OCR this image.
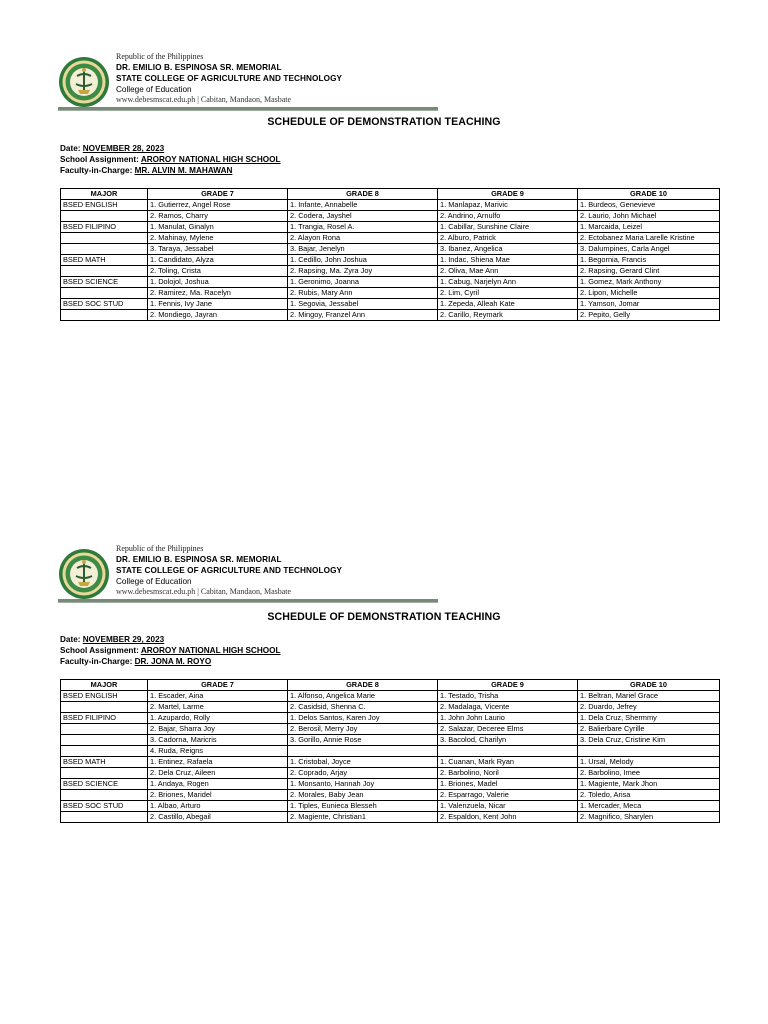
Republic of the Philippines
DR. EMILIO B. ESPINOSA SR. MEMORIAL
STATE COLLEGE OF AGRICULTURE AND TECHNOLOGY
College of Education
www.debesmscat.edu.ph | Cabitan, Mandaon, Masbate
SCHEDULE OF DEMONSTRATION TEACHING
Date: NOVEMBER 28, 2023
School Assignment: AROROY NATIONAL HIGH SCHOOL
Faculty-in-Charge: MR. ALVIN M. MAHAWAN
MAJOR	GRADE 7	GRADE 8	GRADE 9	GRADE 10
BSED ENGLISH	1. Gutierrez, Angel Rose	1. Infante, Annabelle	1. Manlapaz, Marivic	1. Burdeos, Genevieve
	2. Ramos, Charry	2. Codera, Jayshel	2. Andrino, Arnulfo	2. Laurio, John Michael
BSED FILIPINO	1. Manulat, Ginalyn	1. Trangia, Rosel A.	1. Cabillar, Sunshine Claire	1. Marcaida, Leizel
	2. Mahinay, Mylene	2. Alayon Rona	2. Alburo, Patrick	2. Ectobanez Maria Larelle Kristine
	3. Taraya, Jessabel	3. Bajar, Jenelyn	3. Ibanez, Angelica	3. Dalumpines, Carla Angel
BSED MATH	1. Candidato, Alyza	1. Cedillo, John Joshua	1. Indac, Shiena Mae	1. Begornia, Francis
	2. Toling, Crista	2. Rapsing, Ma. Zyra Joy	2. Oliva, Mae Ann	2. Rapsing, Gerard Clint
BSED SCIENCE	1. Dolojol, Joshua	1. Geronimo, Joanna	1. Cabug, Narjelyn Ann	1. Gomez, Mark Anthony
	2. Ramirez, Ma. Racelyn	2. Rubis, Mary Ann	2. Lim, Cyril	2. Lipon, Michelle
BSED SOC STUD	1. Fennis, Ivy Jane	1. Segovia, Jessabel	1. Zepeda, Alleah Kate	1. Yamson, Jomar
	2. Mondiego, Jayran	2. Mingoy, Franzel Ann	2. Carillo, Reymark	2. Pepito, Gelly
Republic of the Philippines
DR. EMILIO B. ESPINOSA SR. MEMORIAL
STATE COLLEGE OF AGRICULTURE AND TECHNOLOGY
College of Education
www.debesmscat.edu.ph | Cabitan, Mandaon, Masbate
SCHEDULE OF DEMONSTRATION TEACHING
Date: NOVEMBER 29, 2023
School Assignment: AROROY NATIONAL HIGH SCHOOL
Faculty-in-Charge: DR. JONA M. ROYO
MAJOR	GRADE 7	GRADE 8	GRADE 9	GRADE 10
BSED ENGLISH	1. Escader, Aina	1. Alfonso, Angelica Marie	1. Testado, Trisha	1. Beltran, Mariel Grace
	2. Martel, Larme	2. Casidsid, Shenna C.	2. Madalaga, Vicente	2. Duardo, Jefrey
BSED FILIPINO	1. Azupardo, Rolly	1. Delos Santos, Karen Joy	1. John John Laurio	1. Dela Cruz, Shermmy
	2. Bajar, Sharra Joy	2. Berosil, Merry Joy	2. Salazar, Deceree Elms	2. Balierbare Cyrille
	3. Cadorna, Maricris	3. Gorillo, Annie Rose	3. Bacolod, Charilyn	3. Dela Cruz, Cristine Kim
	4. Ruda, Reigns			
BSED MATH	1. Entinez, Rafaela	1. Cristobal, Joyce	1. Cuanan, Mark Ryan	1. Ursal, Melody
	2. Dela Cruz, Aileen	2. Coprado, Arjay	2. Barbolino, Noril	2. Barbolino, Imee
BSED SCIENCE	1. Andaya, Rogen	1. Monsanto, Hannah Joy	1. Briones, Madel	1. Magiente, Mark Jhon
	2. Briones, Maridel	2. Morales, Baby Jean	2. Esparrago, Valerie	2. Toledo, Arisa
BSED SOC STUD	1. Albao, Arturo	1. Tiples, Eunieca Blesseh	1. Valenzuela, Nicar	1. Mercader, Meca
	2. Castillo, Abegail	2. Magiente, Christian1	2. Espaldon, Kent John	2. Magnifico, Sharylen
